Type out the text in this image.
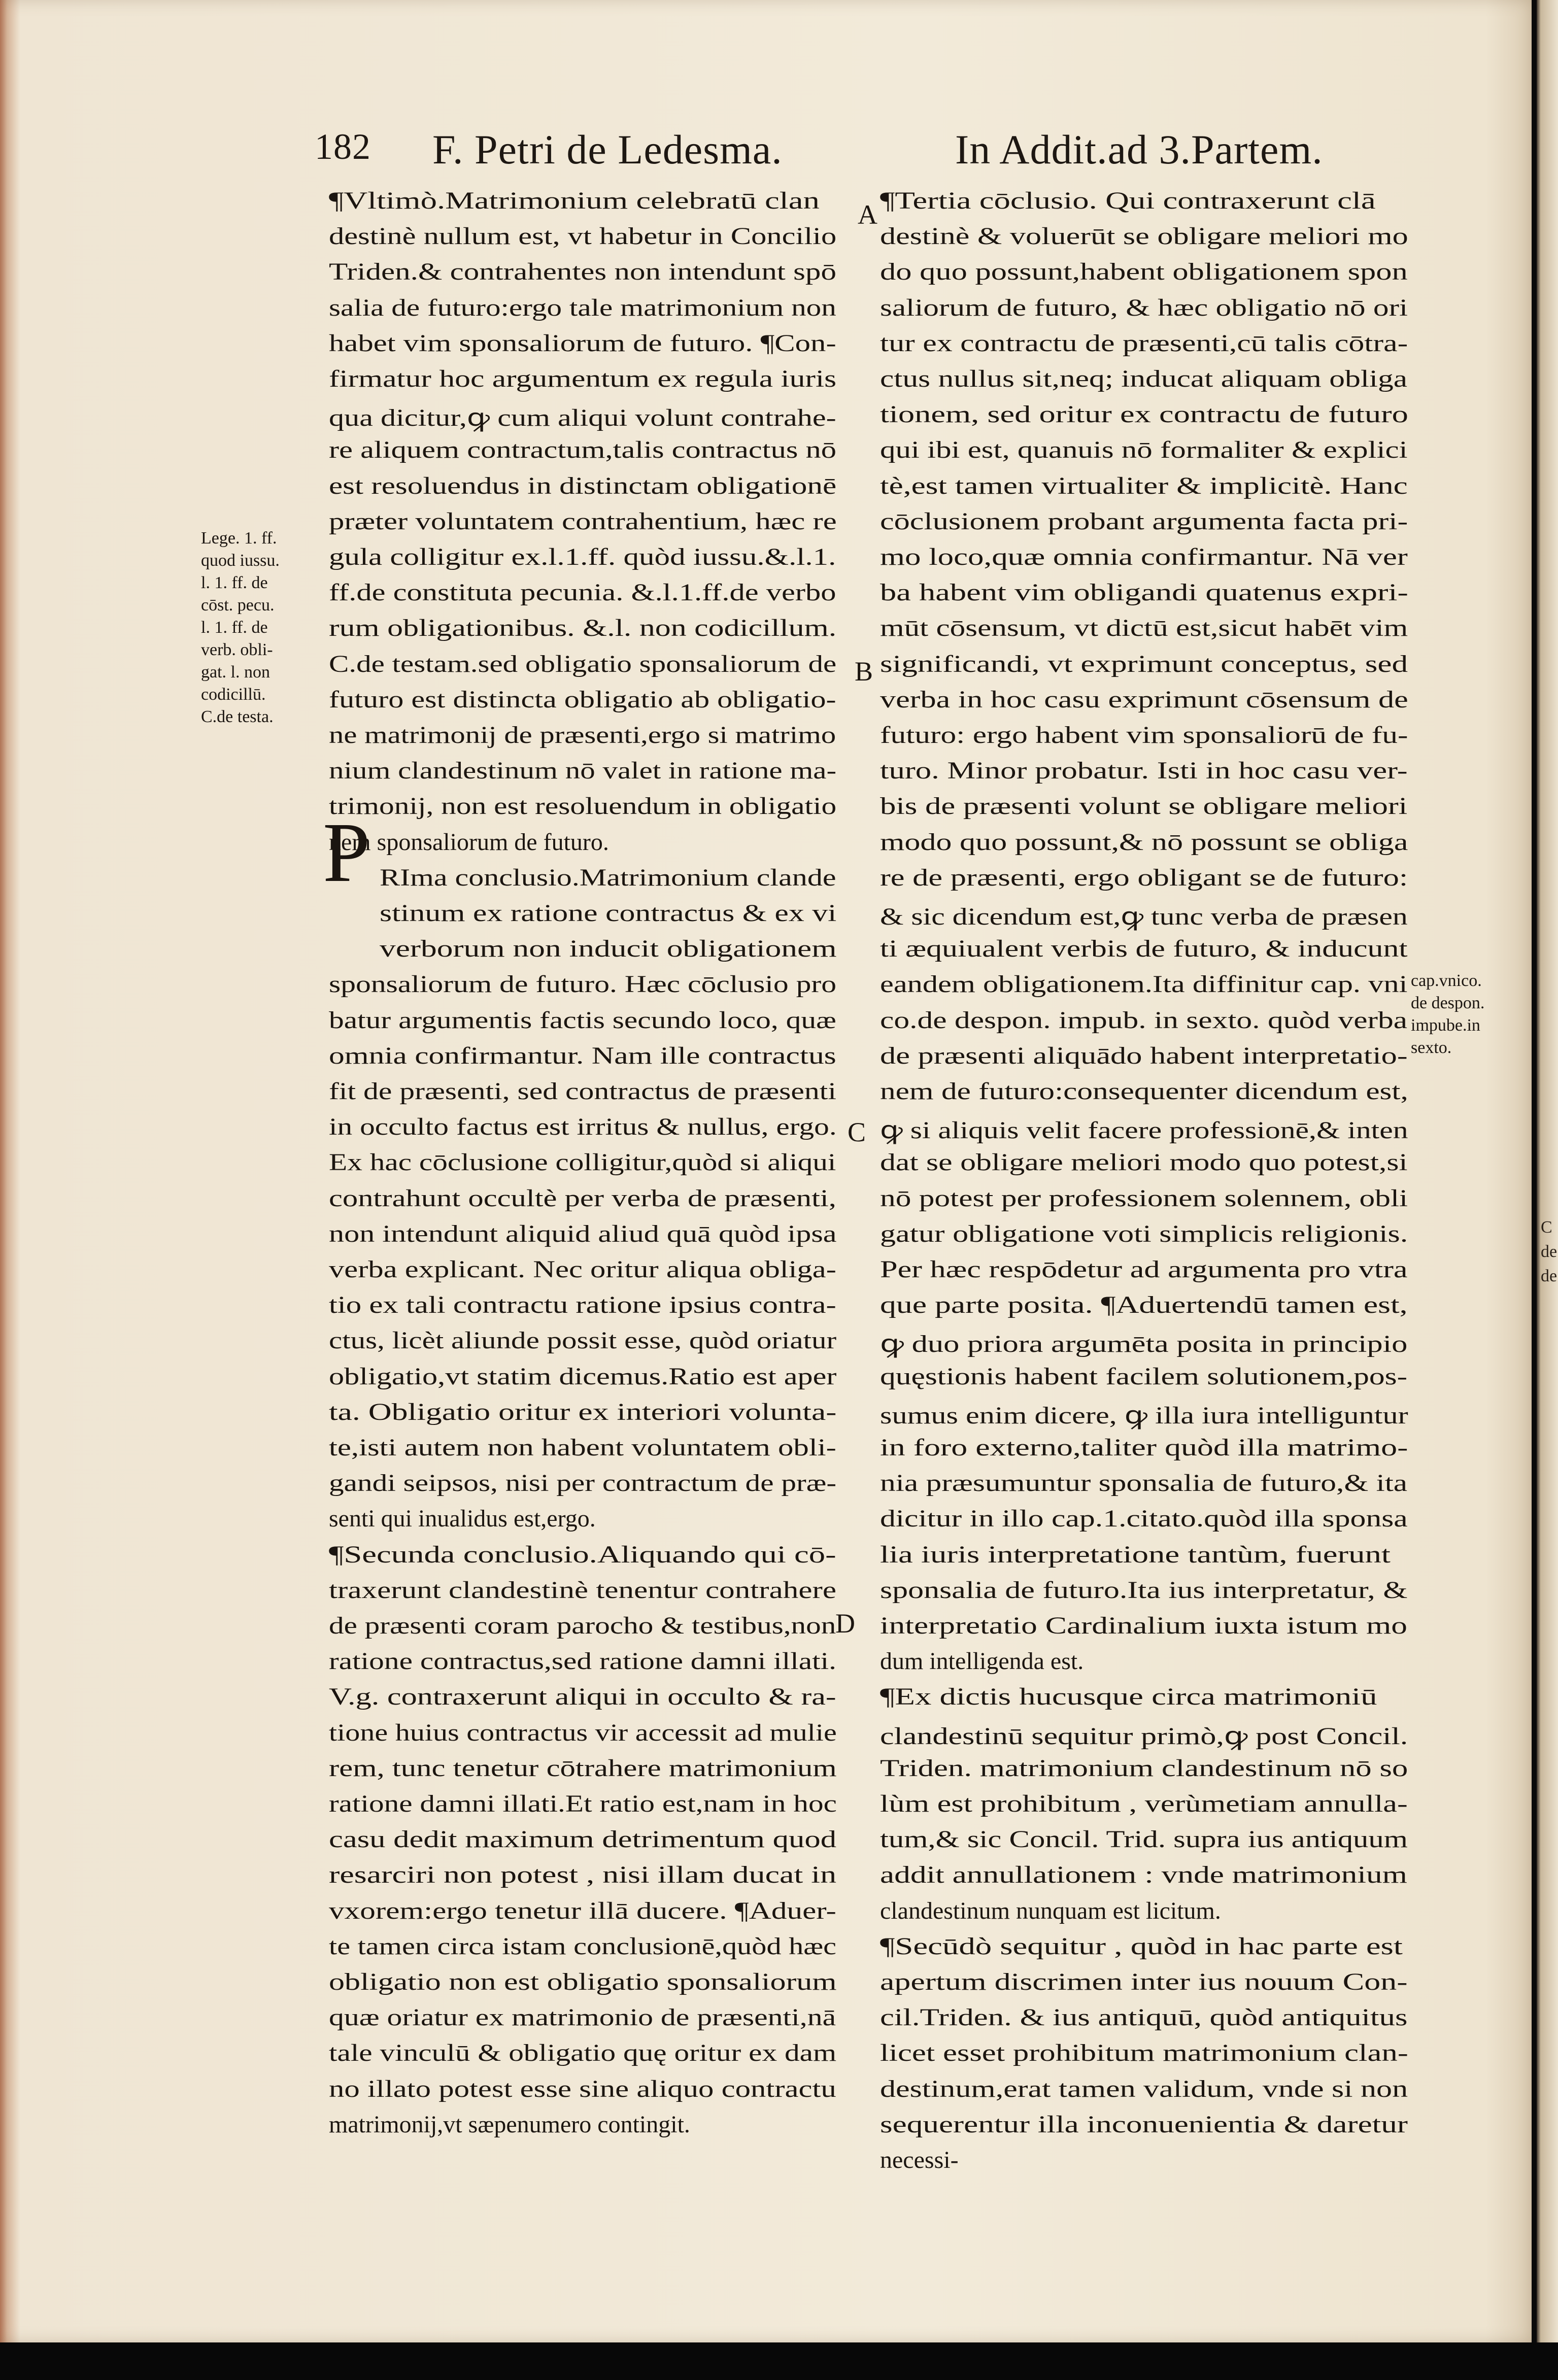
C
de
de
182 F. Petri de Ledesma.	In Addit.ad 3.Partem.
A
B
C
D
P
Lege. 1. ff.
quod iussu.
l. 1. ff. de
cōst. pecu.
l. 1. ff. de
verb. obli-
gat. l. non
codicillū.
C.de testa.
cap.vnico.
de despon.
impube.in
sexto.
¶Vltimò.Matrimonium celebratū clan
destinè nullum est, vt habetur in Concilio
Triden.& contrahentes non intendunt spō
salia de futuro:ergo tale matrimonium non
habet vim sponsaliorum de futuro. ¶Con-
firmatur hoc argumentum ex regula iuris
qua dicitur,ꝙ cum aliqui volunt contrahe-
re aliquem contractum,talis contractus nō
est resoluendus in distinctam obligationē
præter voluntatem contrahentium, hæc re
gula colligitur ex.l.1.ff. quòd iussu.&.l.1.
ff.de constituta pecunia. &.l.1.ff.de verbo
rum obligationibus. &.l. non codicillum.
C.de testam.sed obligatio sponsaliorum de
futuro est distincta obligatio ab obligatio-
ne matrimonij de præsenti,ergo si matrimo
nium clandestinum nō valet in ratione ma-
trimonij, non est resoluendum in obligatio
nem sponsaliorum de futuro.
RIma conclusio.Matrimonium clande
stinum ex ratione contractus & ex vi
verborum non inducit obligationem
sponsaliorum de futuro. Hæc cōclusio pro
batur argumentis factis secundo loco, quæ
omnia confirmantur. Nam ille contractus
fit de præsenti, sed contractus de præsenti
in occulto factus est irritus & nullus, ergo.
Ex hac cōclusione colligitur,quòd si aliqui
contrahunt occultè per verba de præsenti,
non intendunt aliquid aliud quā quòd ipsa
verba explicant. Nec oritur aliqua obliga-
tio ex tali contractu ratione ipsius contra-
ctus, licèt aliunde possit esse, quòd oriatur
obligatio,vt statim dicemus.Ratio est aper
ta. Obligatio oritur ex interiori volunta-
te,isti autem non habent voluntatem obli-
gandi seipsos, nisi per contractum de præ-
senti qui inualidus est,ergo.
¶Secunda conclusio.Aliquando qui cō-
traxerunt clandestinè tenentur contrahere
de præsenti coram parocho & testibus,non
ratione contractus,sed ratione damni illati.
V.g. contraxerunt aliqui in occulto & ra-
tione huius contractus vir accessit ad mulie
rem, tunc tenetur cōtrahere matrimonium
ratione damni illati.Et ratio est,nam in hoc
casu dedit maximum detrimentum quod
resarciri non potest , nisi illam ducat in
vxorem:ergo tenetur illā ducere. ¶Aduer-
te tamen circa istam conclusionē,quòd hæc
obligatio non est obligatio sponsaliorum
quæ oriatur ex matrimonio de præsenti,nā
tale vinculū & obligatio quę oritur ex dam
no illato potest esse sine aliquo contractu
matrimonij,vt sæpenumero contingit.
¶Tertia cōclusio. Qui contraxerunt clā
destinè & voluerūt se obligare meliori mo
do quo possunt,habent obligationem spon
saliorum de futuro, & hæc obligatio nō ori
tur ex contractu de præsenti,cū talis cōtra-
ctus nullus sit,neq; inducat aliquam obliga
tionem, sed oritur ex contractu de futuro
qui ibi est, quanuis nō formaliter & explici
tè,est tamen virtualiter & implicitè. Hanc
cōclusionem probant argumenta facta pri-
mo loco,quæ omnia confirmantur. Nā ver
ba habent vim obligandi quatenus expri-
mūt cōsensum, vt dictū est,sicut habēt vim
significandi, vt exprimunt conceptus, sed
verba in hoc casu exprimunt cōsensum de
futuro: ergo habent vim sponsaliorū de fu-
turo. Minor probatur. Isti in hoc casu ver-
bis de præsenti volunt se obligare meliori
modo quo possunt,& nō possunt se obliga
re de præsenti, ergo obligant se de futuro:
& sic dicendum est,ꝙ tunc verba de præsen
ti æquiualent verbis de futuro, & inducunt
eandem obligationem.Ita diffinitur cap. vni
co.de despon. impub. in sexto. quòd verba
de præsenti aliquādo habent interpretatio-
nem de futuro:consequenter dicendum est,
ꝙ si aliquis velit facere professionē,& inten
dat se obligare meliori modo quo potest,si
nō potest per professionem solennem, obli
gatur obligatione voti simplicis religionis.
Per hæc respōdetur ad argumenta pro vtra
que parte posita. ¶Aduertendū tamen est,
ꝙ duo priora argumēta posita in principio
quęstionis habent facilem solutionem,pos-
sumus enim dicere, ꝙ illa iura intelliguntur
in foro externo,taliter quòd illa matrimo-
nia præsumuntur sponsalia de futuro,& ita
dicitur in illo cap.1.citato.quòd illa sponsa
lia iuris interpretatione tantùm, fuerunt
sponsalia de futuro.Ita ius interpretatur, &
interpretatio Cardinalium iuxta istum mo
dum intelligenda est.
¶Ex dictis hucusque circa matrimoniū
clandestinū sequitur primò,ꝙ post Concil.
Triden. matrimonium clandestinum nō so
lùm est prohibitum , verùmetiam annulla-
tum,& sic Concil. Trid. supra ius antiquum
addit annullationem : vnde matrimonium
clandestinum nunquam est licitum.
¶Secūdò sequitur , quòd in hac parte est
apertum discrimen inter ius nouum Con-
cil.Triden. & ius antiquū, quòd antiquitus
licet esset prohibitum matrimonium clan-
destinum,erat tamen validum, vnde si non
sequerentur illa inconuenientia & daretur
necessi-
